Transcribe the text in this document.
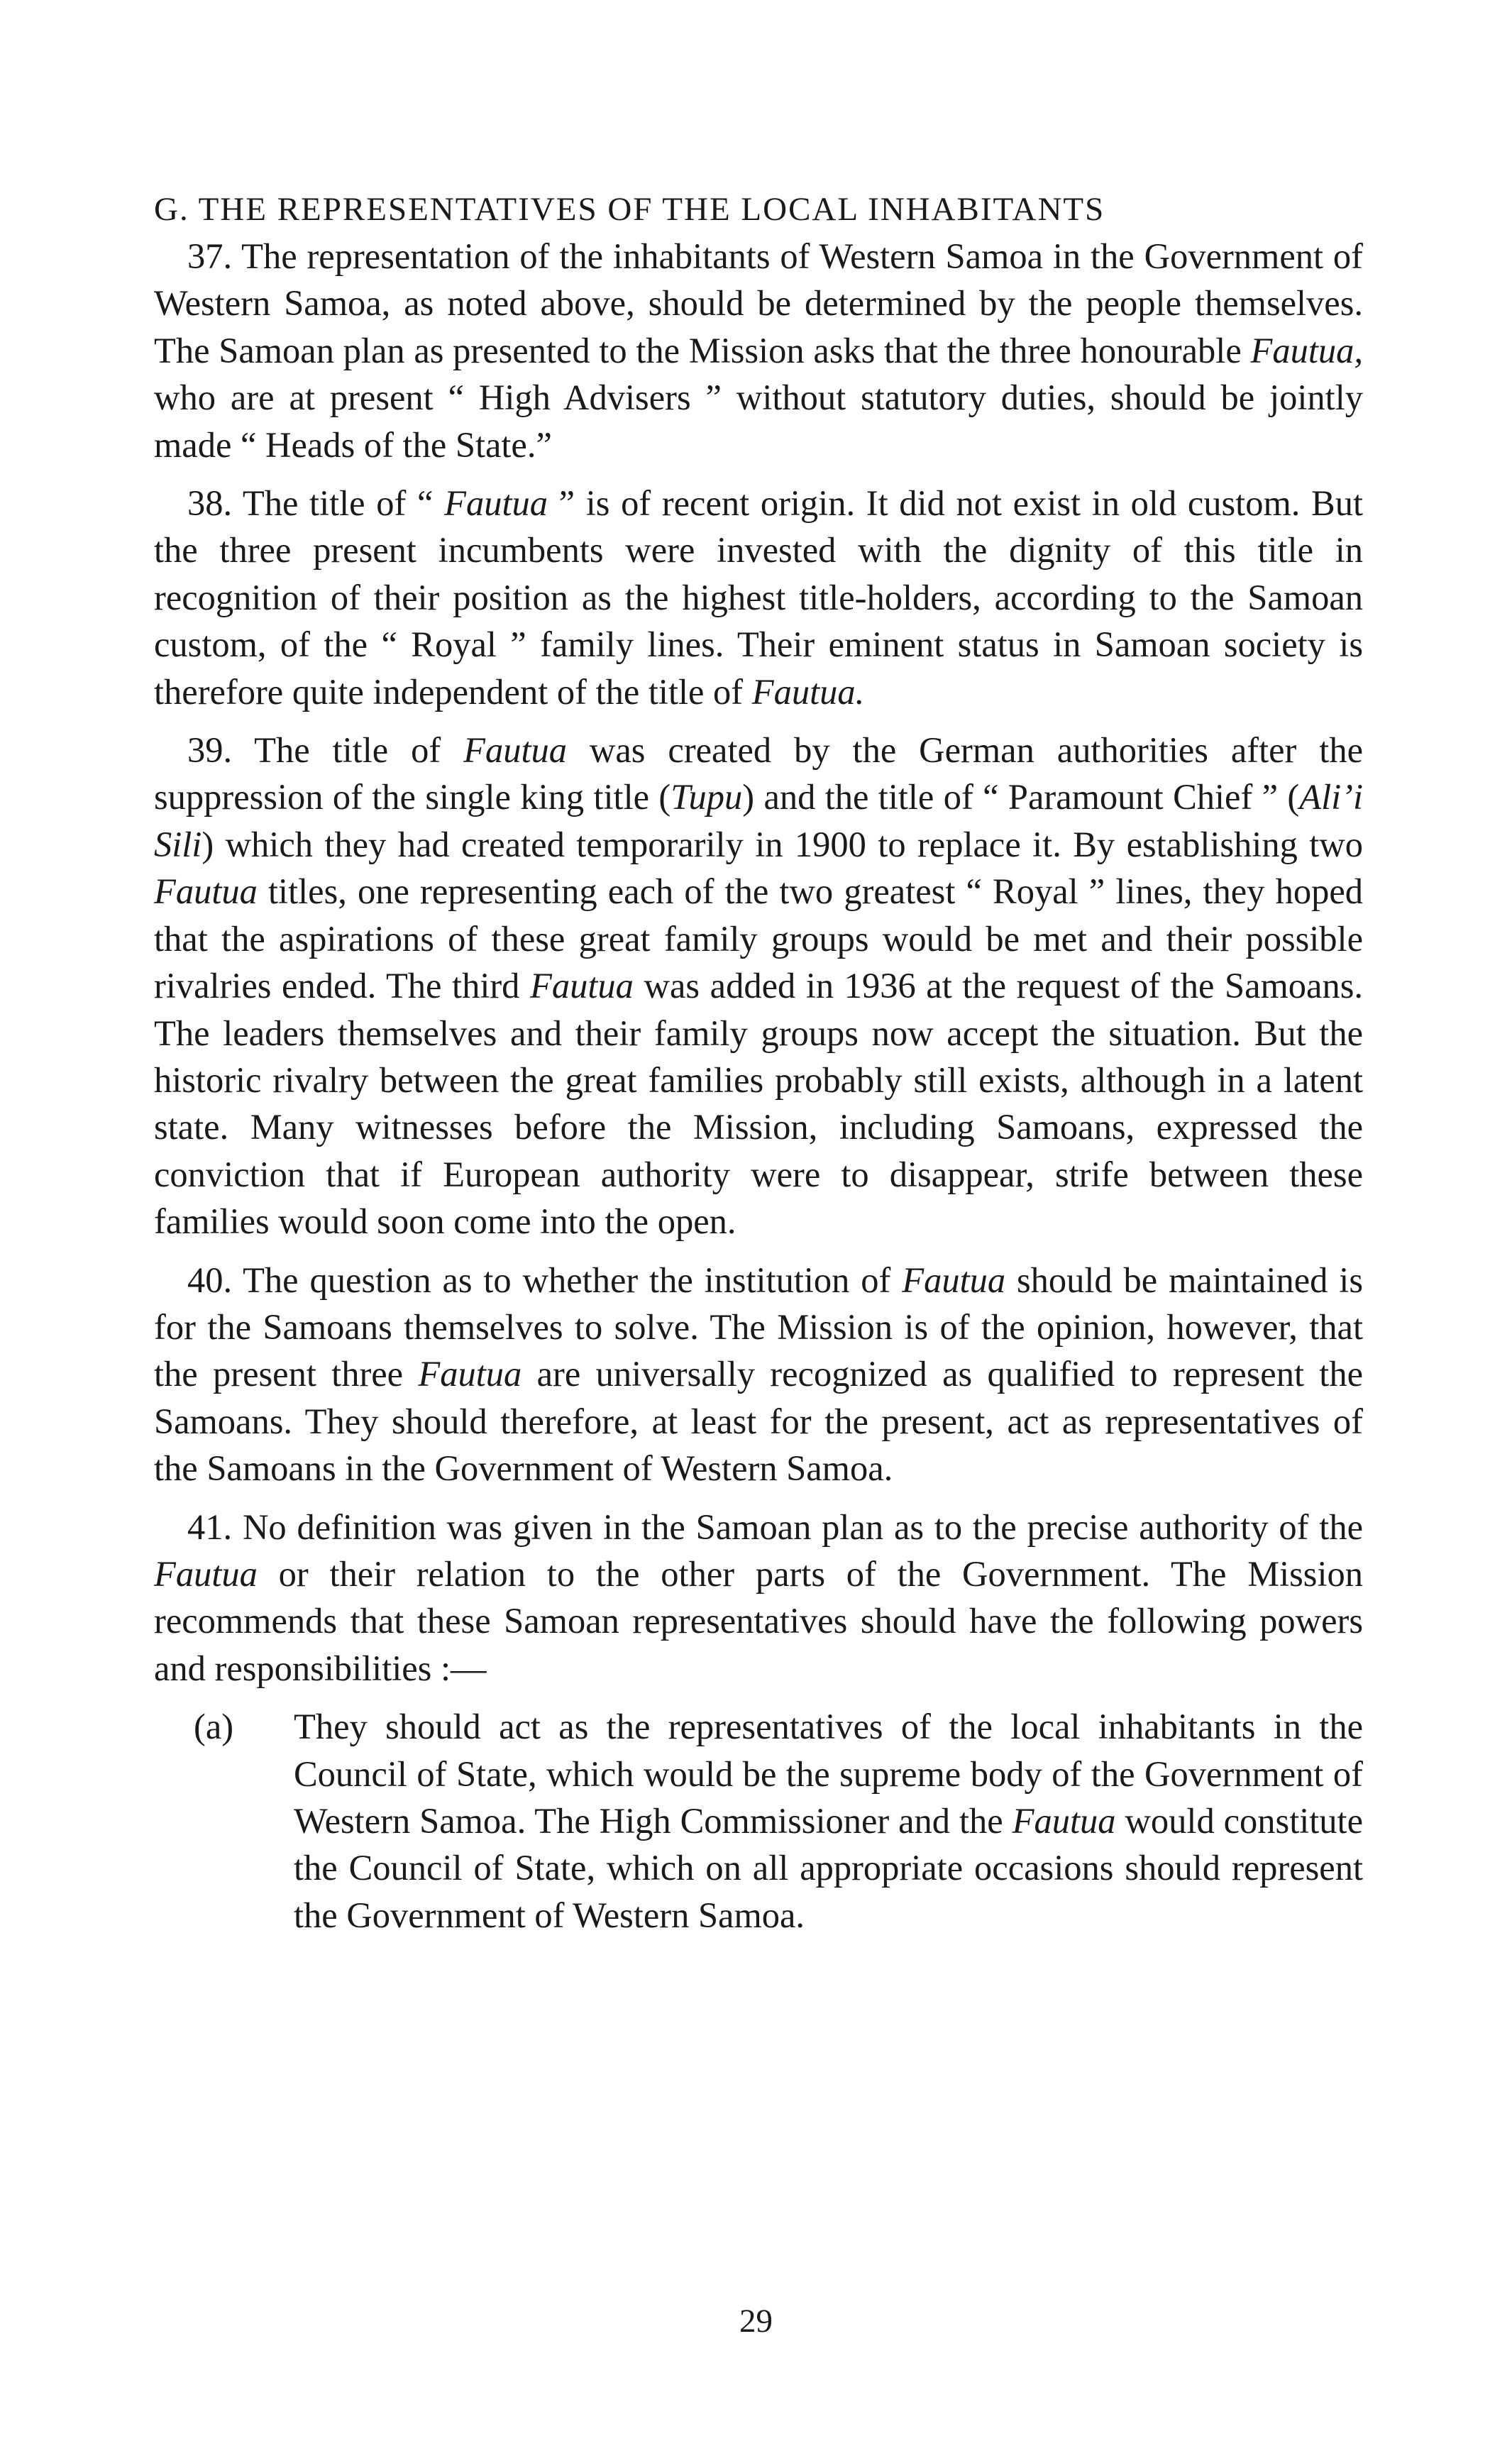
G. THE REPRESENTATIVES OF THE LOCAL INHABITANTS

37. The representation of the inhabitants of Western Samoa in the Government of Western Samoa, as noted above, should be determined by the people themselves. The Samoan plan as presented to the Mission asks that the three honourable Fautua, who are at present “ High Advisers ” without statutory duties, should be jointly made “ Heads of the State.”

38. The title of “ Fautua ” is of recent origin. It did not exist in old custom. But the three present incumbents were invested with the dignity of this title in recognition of their position as the highest title-holders, according to the Samoan custom, of the “ Royal ” family lines. Their eminent status in Samoan society is therefore quite independent of the title of Fautua.

39. The title of Fautua was created by the German authorities after the suppression of the single king title (Tupu) and the title of “ Paramount Chief ” (Ali’i Sili) which they had created temporarily in 1900 to replace it. By establishing two Fautua titles, one representing each of the two greatest “ Royal ” lines, they hoped that the aspirations of these great family groups would be met and their possible rivalries ended. The third Fautua was added in 1936 at the request of the Samoans. The leaders themselves and their family groups now accept the situation. But the historic rivalry between the great families probably still exists, although in a latent state. Many witnesses before the Mission, including Samoans, expressed the conviction that if European authority were to disappear, strife between these families would soon come into the open.

40. The question as to whether the institution of Fautua should be maintained is for the Samoans themselves to solve. The Mission is of the opinion, however, that the present three Fautua are universally recognized as qualified to represent the Samoans. They should therefore, at least for the present, act as representatives of the Samoans in the Government of Western Samoa.

41. No definition was given in the Samoan plan as to the precise authority of the Fautua or their relation to the other parts of the Government. The Mission recommends that these Samoan representatives should have the following powers and responsibilities :—

(a) They should act as the representatives of the local inhabitants in the Council of State, which would be the supreme body of the Government of Western Samoa. The High Commissioner and the Fautua would constitute the Council of State, which on all appropriate occasions should represent the Government of Western Samoa.

29
